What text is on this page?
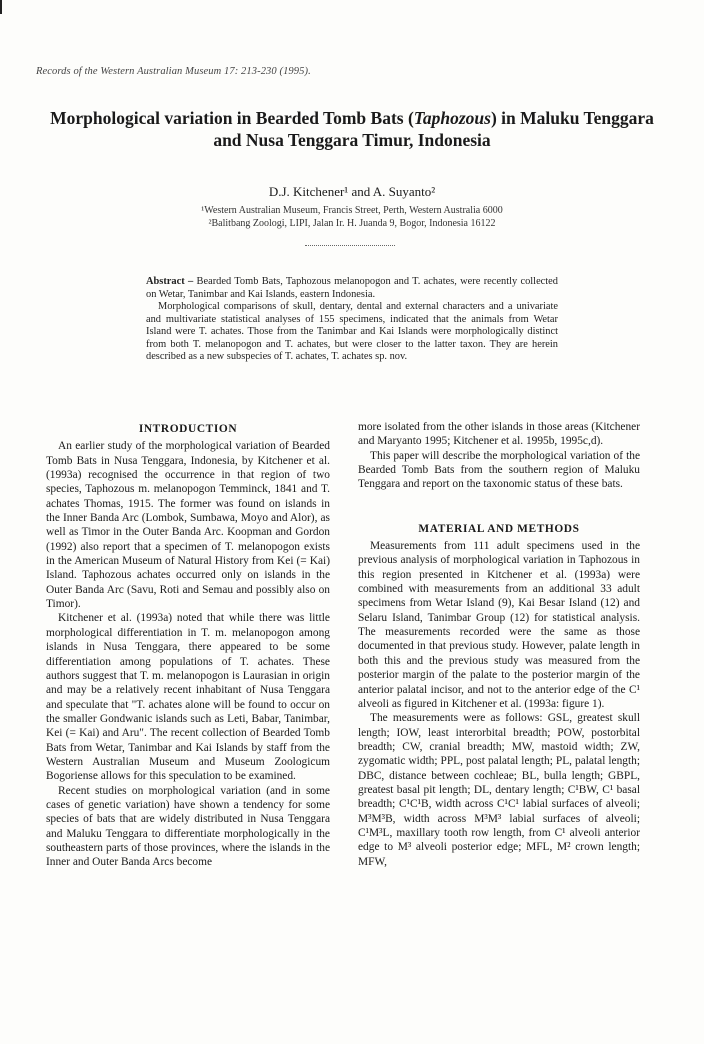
Records of the Western Australian Museum 17: 213-230 (1995).
Morphological variation in Bearded Tomb Bats (Taphozous) in Maluku Tenggara and Nusa Tenggara Timur, Indonesia
D.J. Kitchener¹ and A. Suyanto²
¹Western Australian Museum, Francis Street, Perth, Western Australia 6000
²Balitbang Zoologi, LIPI, Jalan Ir. H. Juanda 9, Bogor, Indonesia 16122

Abstract – Bearded Tomb Bats, Taphozous melanopogon and T. achates, were recently collected on Wetar, Tanimbar and Kai Islands, eastern Indonesia.

Morphological comparisons of skull, dentary, dental and external characters and a univariate and multivariate statistical analyses of 155 specimens, indicated that the animals from Wetar Island were T. achates. Those from the Tanimbar and Kai Islands were morphologically distinct from both T. melanopogon and T. achates, but were closer to the latter taxon. They are herein described as a new subspecies of T. achates, T. achates sp. nov.

INTRODUCTION

An earlier study of the morphological variation of Bearded Tomb Bats in Nusa Tenggara, Indonesia, by Kitchener et al. (1993a) recognised the occurrence in that region of two species, Taphozous m. melanopogon Temminck, 1841 and T. achates Thomas, 1915. The former was found on islands in the Inner Banda Arc (Lombok, Sumbawa, Moyo and Alor), as well as Timor in the Outer Banda Arc. Koopman and Gordon (1992) also report that a specimen of T. melanopogon exists in the American Museum of Natural History from Kei (= Kai) Island. Taphozous achates occurred only on islands in the Outer Banda Arc (Savu, Roti and Semau and possibly also on Timor).

Kitchener et al. (1993a) noted that while there was little morphological differentiation in T. m. melanopogon among islands in Nusa Tenggara, there appeared to be some differentiation among populations of T. achates. These authors suggest that T. m. melanopogon is Laurasian in origin and may be a relatively recent inhabitant of Nusa Tenggara and speculate that "T. achates alone will be found to occur on the smaller Gondwanic islands such as Leti, Babar, Tanimbar, Kei (= Kai) and Aru". The recent collection of Bearded Tomb Bats from Wetar, Tanimbar and Kai Islands by staff from the Western Australian Museum and Museum Zoologicum Bogoriense allows for this speculation to be examined.

Recent studies on morphological variation (and in some cases of genetic variation) have shown a tendency for some species of bats that are widely distributed in Nusa Tenggara and Maluku Tenggara to differentiate morphologically in the southeastern parts of those provinces, where the islands in the Inner and Outer Banda Arcs become

more isolated from the other islands in those areas (Kitchener and Maryanto 1995; Kitchener et al. 1995b, 1995c,d).

This paper will describe the morphological variation of the Bearded Tomb Bats from the southern region of Maluku Tenggara and report on the taxonomic status of these bats.

MATERIAL AND METHODS

Measurements from 111 adult specimens used in the previous analysis of morphological variation in Taphozous in this region presented in Kitchener et al. (1993a) were combined with measurements from an additional 33 adult specimens from Wetar Island (9), Kai Besar Island (12) and Selaru Island, Tanimbar Group (12) for statistical analysis. The measurements recorded were the same as those documented in that previous study. However, palate length in both this and the previous study was measured from the posterior margin of the palate to the posterior margin of the anterior palatal incisor, and not to the anterior edge of the C¹ alveoli as figured in Kitchener et al. (1993a: figure 1).

The measurements were as follows: GSL, greatest skull length; IOW, least interorbital breadth; POW, postorbital breadth; CW, cranial breadth; MW, mastoid width; ZW, zygomatic width; PPL, post palatal length; PL, palatal length; DBC, distance between cochleae; BL, bulla length; GBPL, greatest basal pit length; DL, dentary length; C¹BW, C¹ basal breadth; C¹C¹B, width across C¹C¹ labial surfaces of alveoli; M³M³B, width across M³M³ labial surfaces of alveoli; C¹M³L, maxillary tooth row length, from C¹ alveoli anterior edge to M³ alveoli posterior edge; MFL, M² crown length; MFW,
